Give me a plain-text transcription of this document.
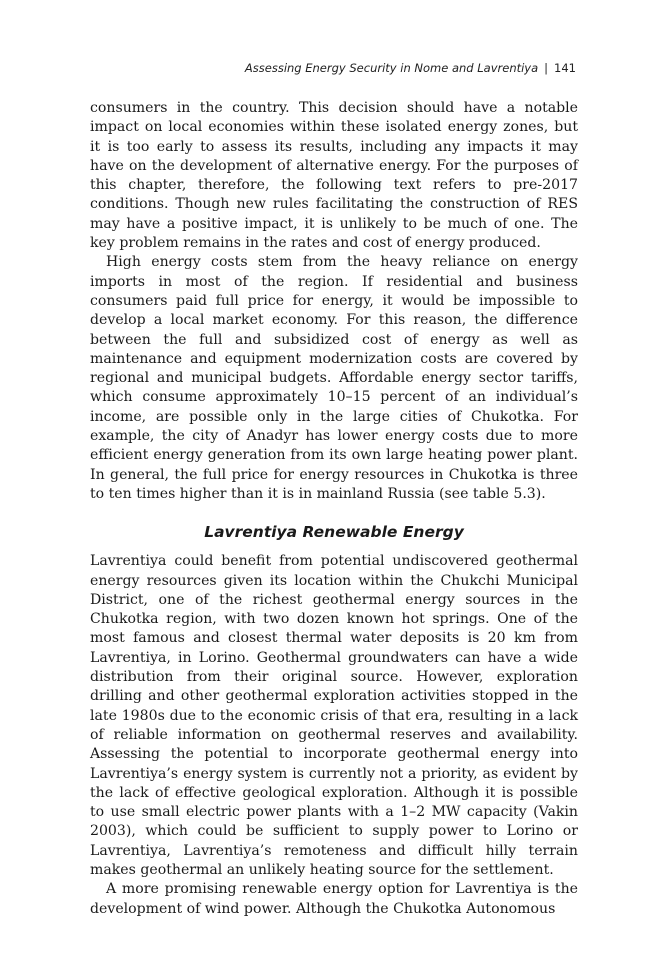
Assessing Energy Security in Nome and Lavrentiya | 141

consumers in the country. This decision should have a notable impact on local economies within these isolated energy zones, but it is too early to assess its results, including any impacts it may have on the development of alternative energy. For the purposes of this chapter, therefore, the following text refers to pre-2017 conditions. Though new rules facilitating the construction of RES may have a positive impact, it is unlikely to be much of one. The key problem remains in the rates and cost of energy produced.

High energy costs stem from the heavy reliance on energy imports in most of the region. If residential and business consumers paid full price for energy, it would be impossible to develop a local market economy. For this reason, the difference between the full and subsidized cost of energy as well as maintenance and equipment modernization costs are covered by regional and municipal budgets. Affordable energy sector tariffs, which consume approximately 10–15 percent of an individual’s income, are possible only in the large cities of Chukotka. For example, the city of Anadyr has lower energy costs due to more efficient energy generation from its own large heating power plant. In general, the full price for energy resources in Chukotka is three to ten times higher than it is in mainland Russia (see table 5.3).

Lavrentiya Renewable Energy

Lavrentiya could benefit from potential undiscovered geothermal energy resources given its location within the Chukchi Municipal District, one of the richest geothermal energy sources in the Chukotka region, with two dozen known hot springs. One of the most famous and closest thermal water deposits is 20 km from Lavrentiya, in Lorino. Geothermal groundwaters can have a wide distribution from their original source. However, exploration drilling and other geothermal exploration activities stopped in the late 1980s due to the economic crisis of that era, resulting in a lack of reliable information on geothermal reserves and availability. Assessing the potential to incorporate geothermal energy into Lavrentiya’s energy system is currently not a priority, as evident by the lack of effective geological exploration. Although it is possible to use small electric power plants with a 1–2 MW capacity (Vakin 2003), which could be sufficient to supply power to Lorino or Lavrentiya, Lavrentiya’s remoteness and difficult hilly terrain makes geothermal an unlikely heating source for the settlement.

A more promising renewable energy option for Lavrentiya is the development of wind power. Although the Chukotka Autonomous
